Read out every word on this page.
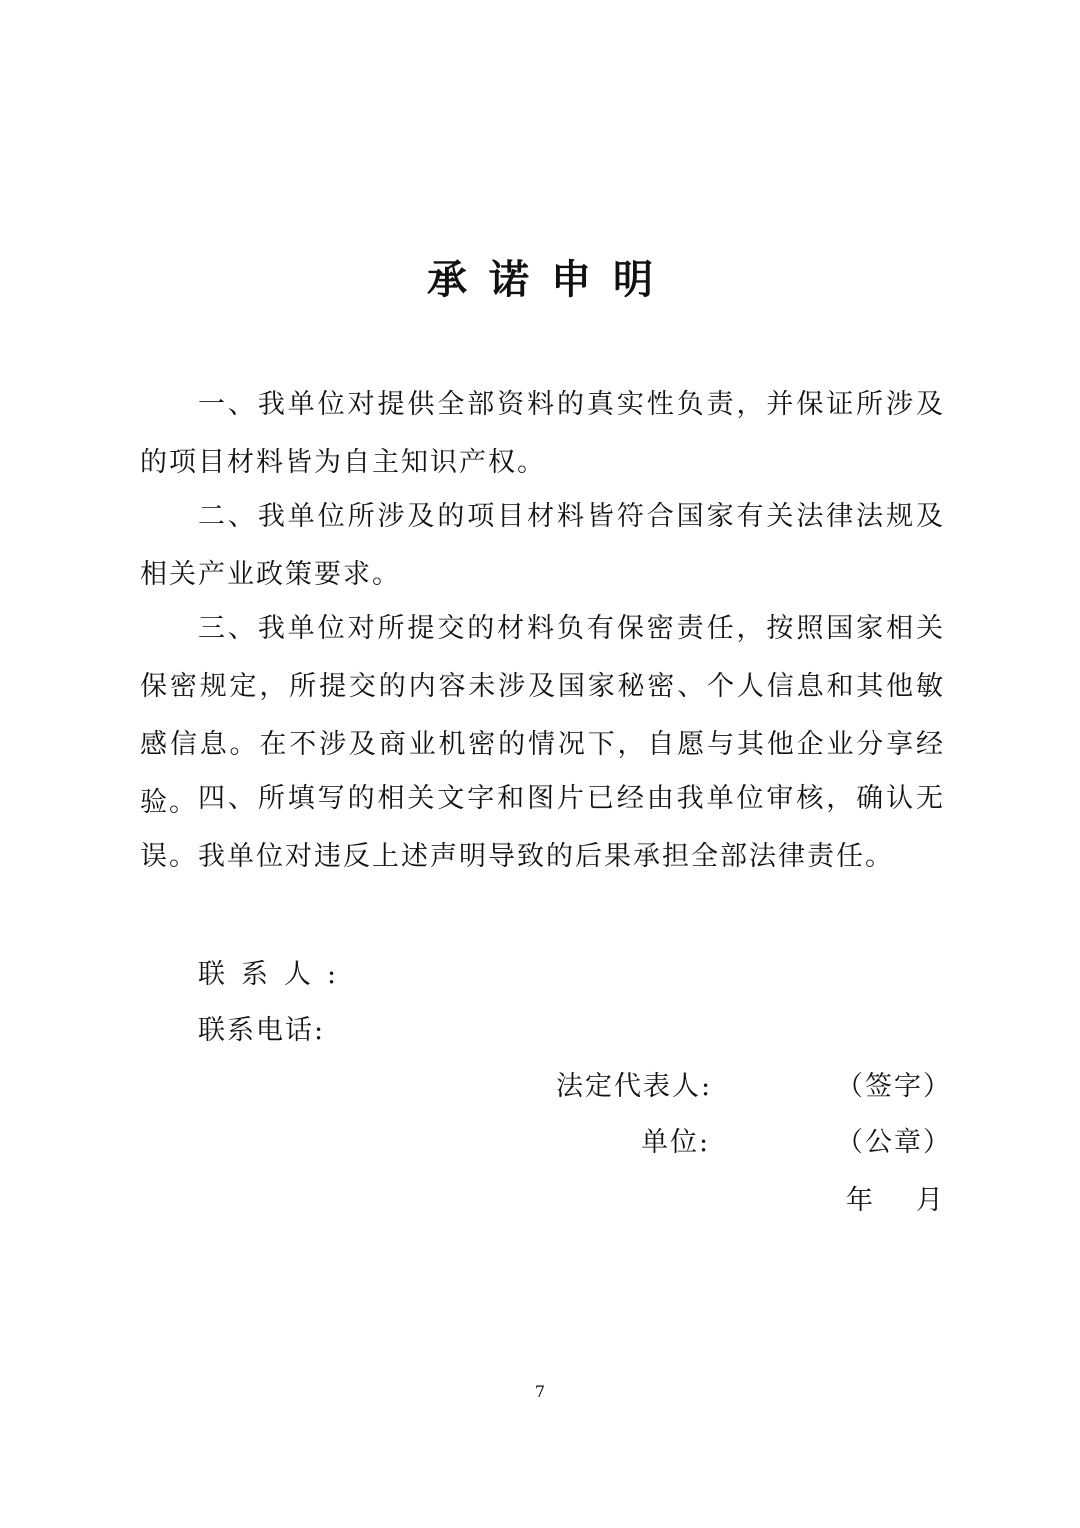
承诺申明

一、我单位对提供全部资料的真实性负责，并保证所涉及的项目材料皆为自主知识产权。

二、我单位所涉及的项目材料皆符合国家有关法律法规及相关产业政策要求。

三、我单位对所提交的材料负有保密责任，按照国家相关保密规定，所提交的内容未涉及国家秘密、个人信息和其他敏感信息。在不涉及商业机密的情况下，自愿与其他企业分享经验。 四、所填写的相关文字和图片已经由我单位审核，确认无误。我单位对违反上述声明导致的后果承担全部法律责任。

联系人:
联系电话:
法定代表人:	（签字）
单位:	（公章）
年 月
7
